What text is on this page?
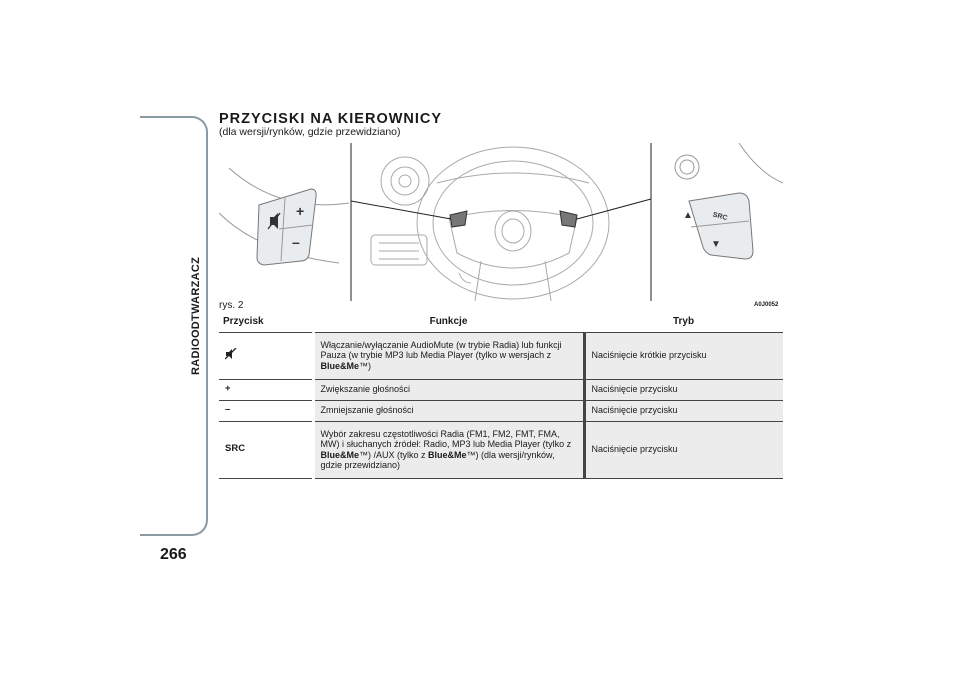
RADIOODTWARZACZ
266
PRZYCISKI NA KIEROWNICY
(dla wersji/rynków, gdzie przewidziano)
+
–
▲
▼
SRC
rys. 2	A0J0052
Przycisk	Funkcje	Tryb
	Włączanie/wyłączanie AudioMute (w trybie Radia) lub funkcji Pauza (w trybie MP3 lub Media Player (tylko w wersjach z Blue&Me™)	Naciśnięcie krótkie przycisku
+	Zwiększanie głośności	Naciśnięcie przycisku
–	Zmniejszanie głośności	Naciśnięcie przycisku
SRC	Wybór zakresu częstotliwości Radia (FM1, FM2, FMT, FMA, MW) i słuchanych źródeł: Radio, MP3 lub Media Player (tylko z Blue&Me™) /AUX (tylko z Blue&Me™) (dla wersji/rynków, gdzie przewidziano)	Naciśnięcie przycisku
